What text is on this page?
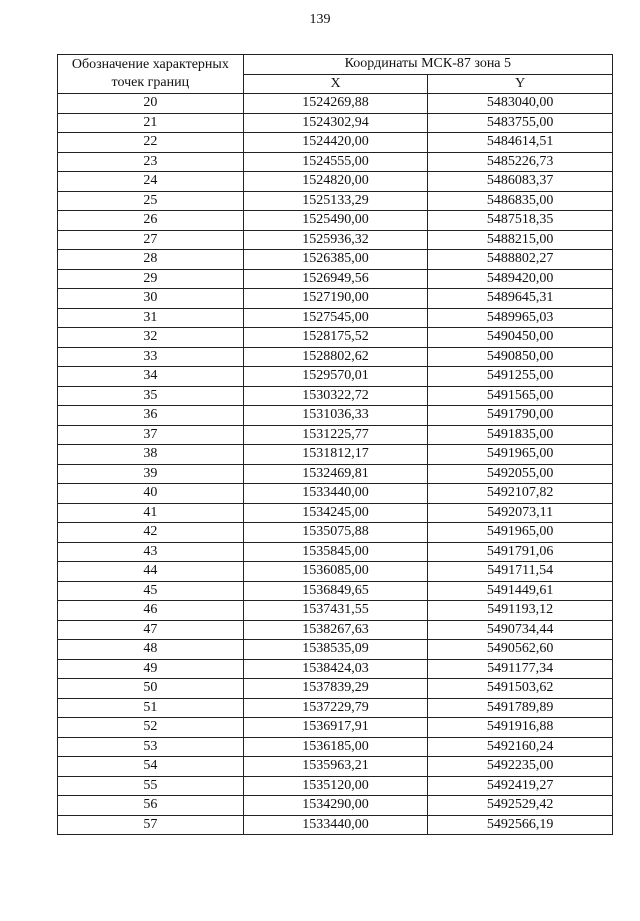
139
Обозначение характерных
точек границ	Координаты МСК-87 зона 5	
	X	Y
20	1524269,88	5483040,00
21	1524302,94	5483755,00
22	1524420,00	5484614,51
23	1524555,00	5485226,73
24	1524820,00	5486083,37
25	1525133,29	5486835,00
26	1525490,00	5487518,35
27	1525936,32	5488215,00
28	1526385,00	5488802,27
29	1526949,56	5489420,00
30	1527190,00	5489645,31
31	1527545,00	5489965,03
32	1528175,52	5490450,00
33	1528802,62	5490850,00
34	1529570,01	5491255,00
35	1530322,72	5491565,00
36	1531036,33	5491790,00
37	1531225,77	5491835,00
38	1531812,17	5491965,00
39	1532469,81	5492055,00
40	1533440,00	5492107,82
41	1534245,00	5492073,11
42	1535075,88	5491965,00
43	1535845,00	5491791,06
44	1536085,00	5491711,54
45	1536849,65	5491449,61
46	1537431,55	5491193,12
47	1538267,63	5490734,44
48	1538535,09	5490562,60
49	1538424,03	5491177,34
50	1537839,29	5491503,62
51	1537229,79	5491789,89
52	1536917,91	5491916,88
53	1536185,00	5492160,24
54	1535963,21	5492235,00
55	1535120,00	5492419,27
56	1534290,00	5492529,42
57	1533440,00	5492566,19
